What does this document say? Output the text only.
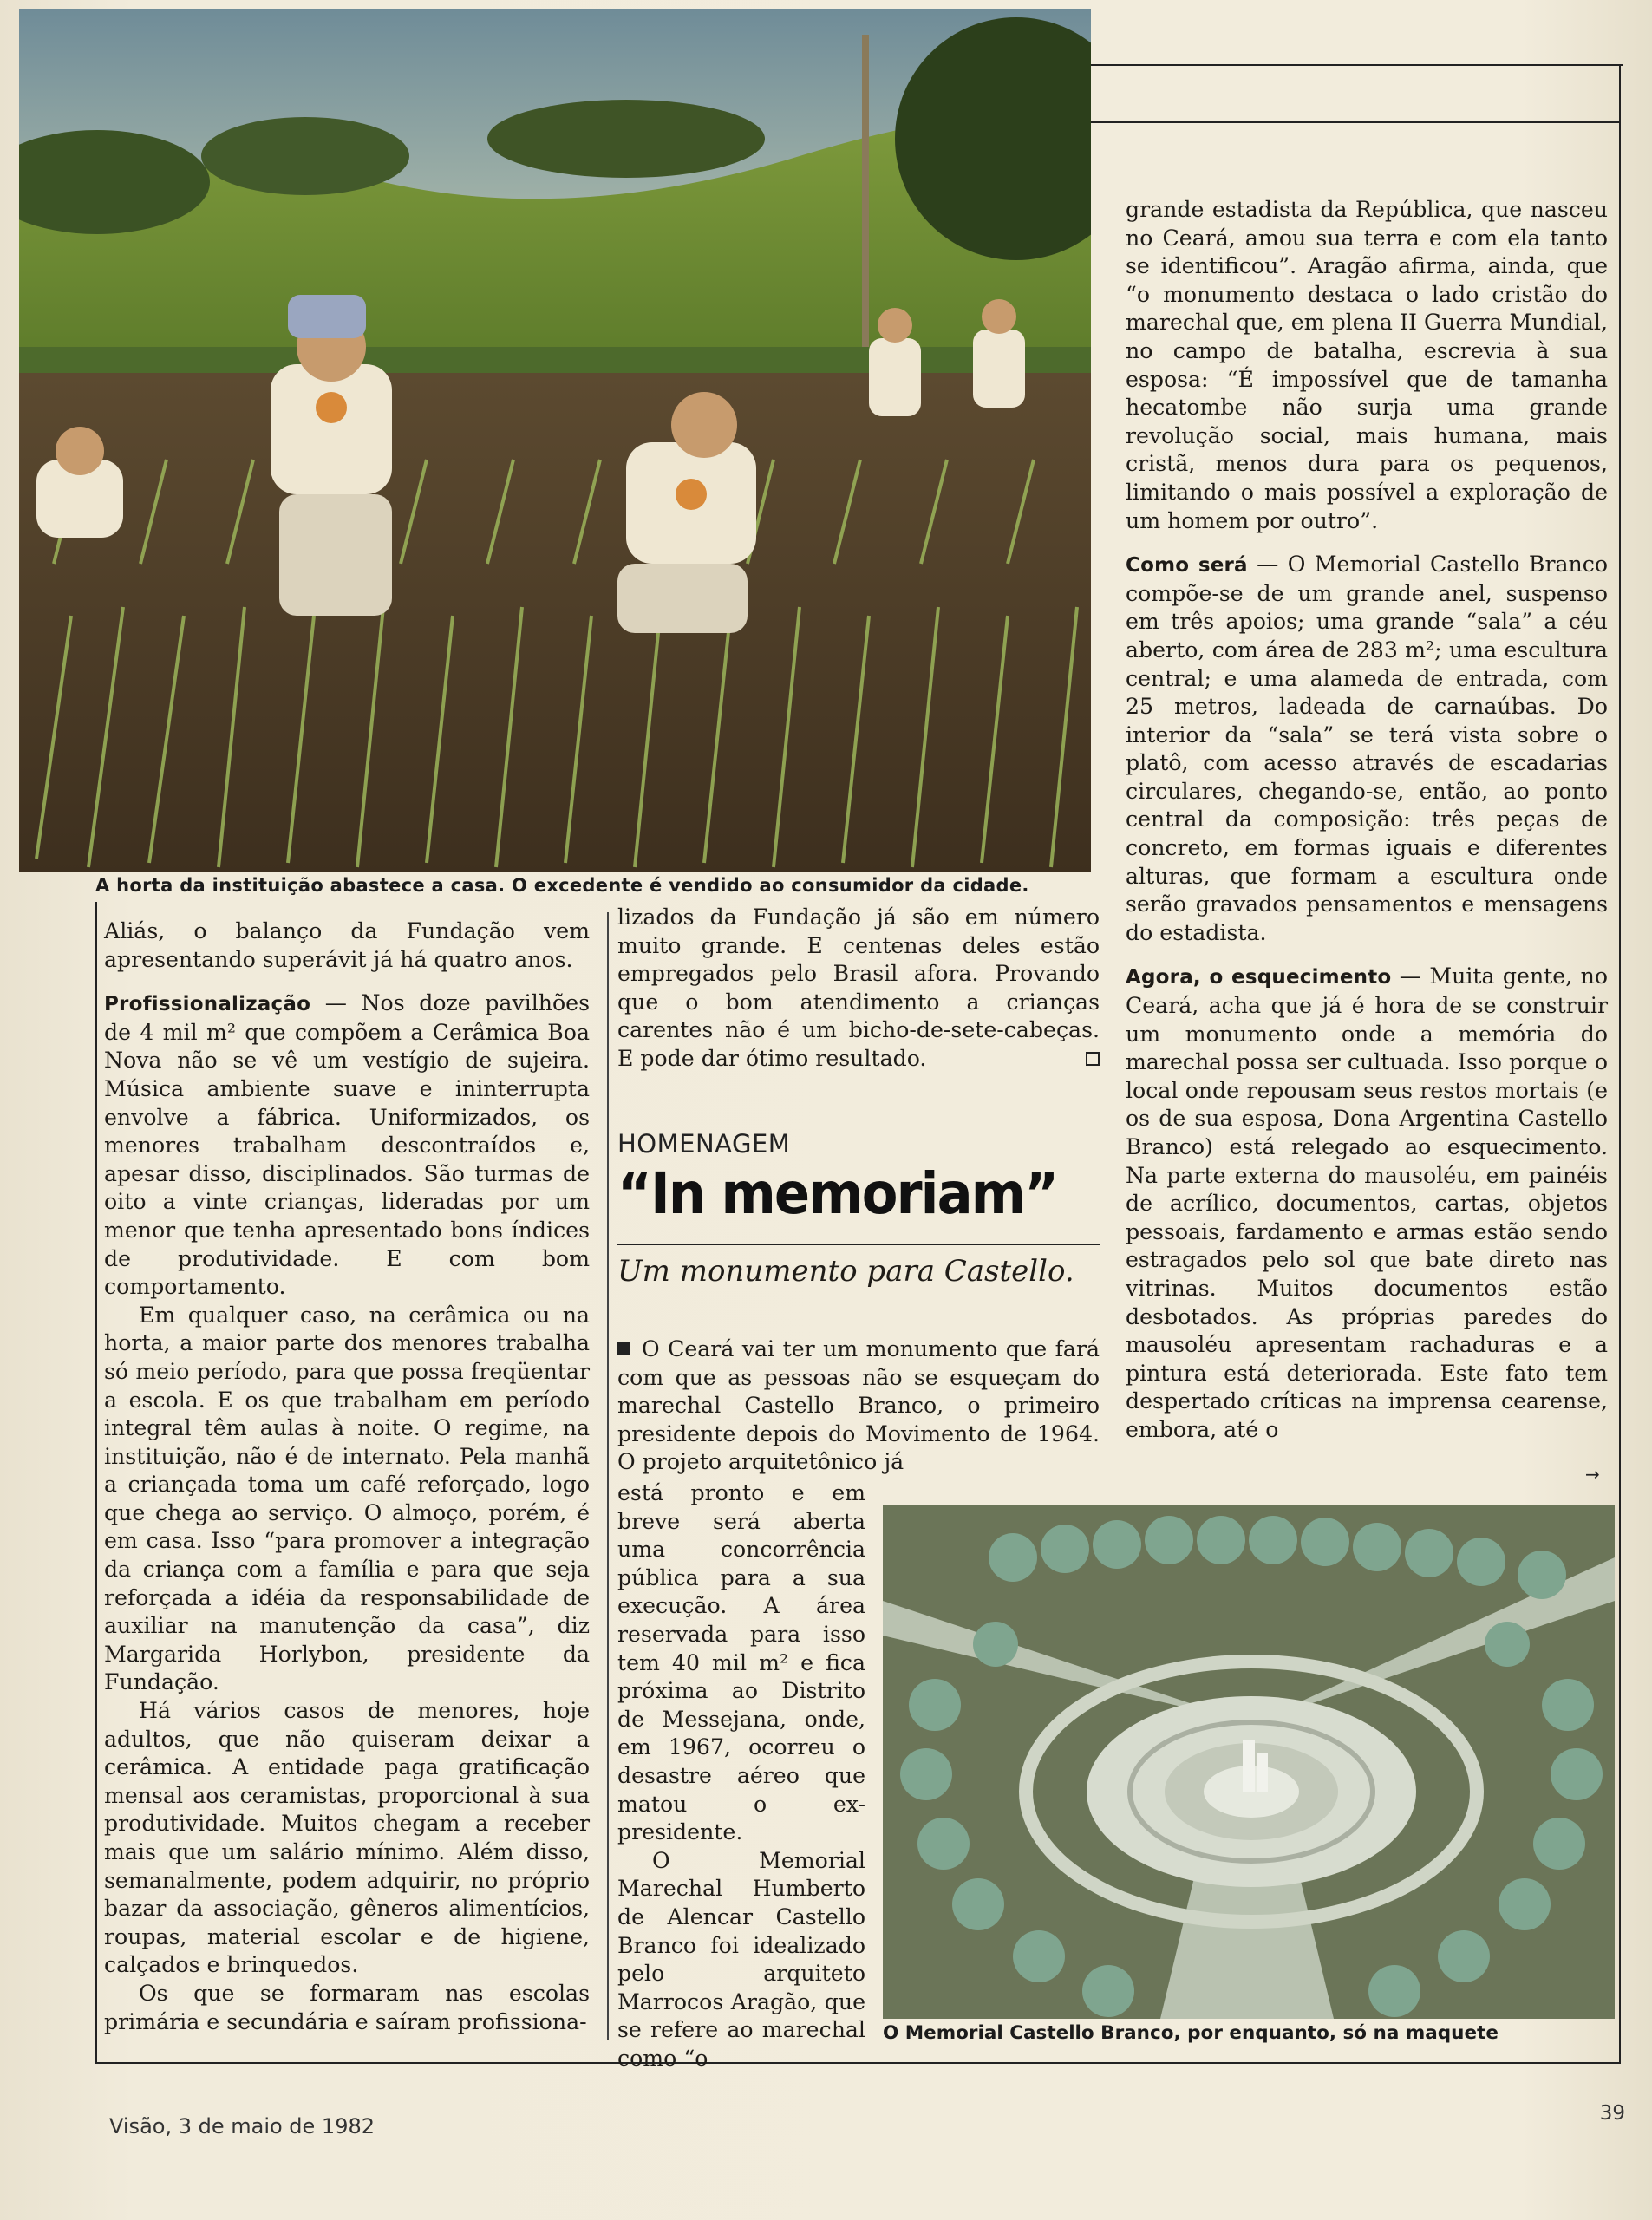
A horta da instituição abastece a casa. O excedente é vendido ao consumidor da cidade.

Aliás, o balanço da Fundação vem apresentando superávit já há quatro anos.

Profissionalização — Nos doze pavilhões de 4 mil m² que compõem a Cerâmica Boa Nova não se vê um vestígio de sujeira. Música ambiente suave e ininterrupta envolve a fábrica. Uniformizados, os menores trabalham descontraídos e, apesar disso, disciplinados. São turmas de oito a vinte crianças, lideradas por um menor que tenha apresentado bons índices de produtividade. E com bom comportamento.

Em qualquer caso, na cerâmica ou na horta, a maior parte dos menores trabalha só meio período, para que possa freqüentar a escola. E os que trabalham em período integral têm aulas à noite. O regime, na instituição, não é de internato. Pela manhã a criançada toma um café reforçado, logo que chega ao serviço. O almoço, porém, é em casa. Isso “para promover a integração da criança com a família e para que seja reforçada a idéia da responsabilidade de auxiliar na manutenção da casa”, diz Margarida Horlybon, presidente da Fundação.

Há vários casos de menores, hoje adultos, que não quiseram deixar a cerâmica. A entidade paga gratificação mensal aos ceramistas, proporcional à sua produtividade. Muitos chegam a receber mais que um salário mínimo. Além disso, semanalmente, podem adquirir, no próprio bazar da associação, gêneros alimentícios, roupas, material escolar e de higiene, calçados e brinquedos.

Os que se formaram nas escolas primária e secundária e saíram profissiona-

lizados da Fundação já são em número muito grande. E centenas deles estão empregados pelo Brasil afora. Provando que o bom atendimento a crianças carentes não é um bicho-de-sete-cabeças. E pode dar ótimo resultado.

HOMENAGEM
“In memoriam”
Um monumento para Castello.

O Ceará vai ter um monumento que fará com que as pessoas não se esqueçam do marechal Castello Branco, o primeiro presidente depois do Movimento de 1964. O projeto arquitetônico já

está pronto e em breve será aberta uma concorrência pública para a sua execução. A área reservada para isso tem 40 mil m² e fica próxima ao Distrito de Messejana, onde, em 1967, ocorreu o desastre aéreo que matou o ex-presidente.

O Memorial Marechal Humberto de Alencar Castello Branco foi idealizado pelo arquiteto Marrocos Aragão, que se refere ao marechal como “o

grande estadista da República, que nasceu no Ceará, amou sua terra e com ela tanto se identificou”. Aragão afirma, ainda, que “o monumento destaca o lado cristão do marechal que, em plena II Guerra Mundial, no campo de batalha, escrevia à sua esposa: “É impossível que de tamanha hecatombe não surja uma grande revolução social, mais humana, mais cristã, menos dura para os pequenos, limitando o mais possível a exploração de um homem por outro”.

Como será — O Memorial Castello Branco compõe-se de um grande anel, suspenso em três apoios; uma grande “sala” a céu aberto, com área de 283 m²; uma escultura central; e uma alameda de entrada, com 25 metros, ladeada de carnaúbas. Do interior da “sala” se terá vista sobre o platô, com acesso através de escadarias circulares, chegando-se, então, ao ponto central da composição: três peças de concreto, em formas iguais e diferentes alturas, que formam a escultura onde serão gravados pensamentos e mensagens do estadista.

Agora, o esquecimento — Muita gente, no Ceará, acha que já é hora de se construir um monumento onde a memória do marechal possa ser cultuada. Isso porque o local onde repousam seus restos mortais (e os de sua esposa, Dona Argentina Castello Branco) está relegado ao esquecimento. Na parte externa do mausoléu, em painéis de acrílico, documentos, cartas, objetos pessoais, fardamento e armas estão sendo estragados pelo sol que bate direto nas vitrinas. Muitos documentos estão desbotados. As próprias paredes do mausoléu apresentam rachaduras e a pintura está deteriorada. Este fato tem despertado críticas na imprensa cearense, embora, até o

→
O Memorial Castello Branco, por enquanto, só na maquete
Visão, 3 de maio de 1982
39
